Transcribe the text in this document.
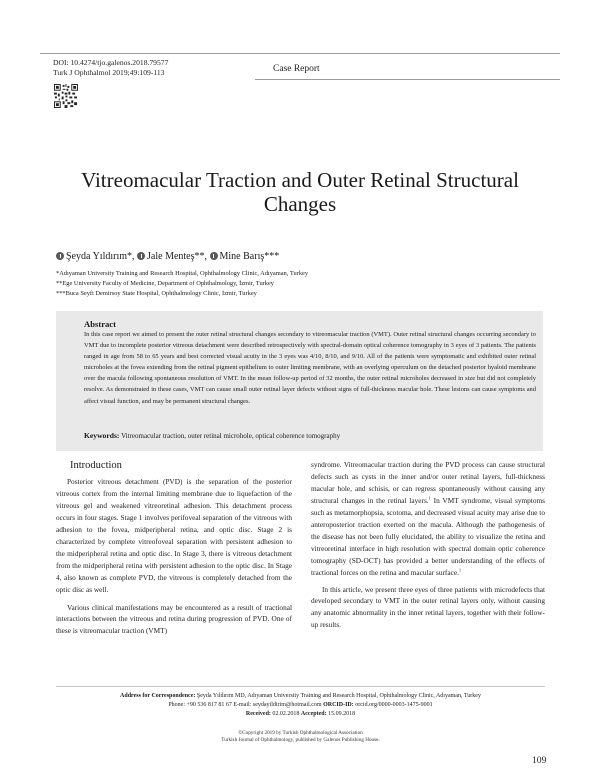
DOI: 10.4274/tjo.galenos.2018.79577
Turk J Ophthalmol 2019;49:109-113	Case Report
Vitreomacular Traction and Outer Retinal Structural
Changes
Şeyda Yıldırım*, Jale Menteş**, Mine Barış***
*Adıyaman University Training and Research Hospital, Ophthalmology Clinic, Adıyaman, Turkey
**Ege University Faculty of Medicine, Department of Ophthalmology, İzmir, Turkey
***Buca Seyfi Demirsoy State Hospital, Ophthalmology Clinic, İzmir, Turkey
Abstract
In this case report we aimed to present the outer retinal structural changes secondary to vitreomacular traction (VMT). Outer retinal structural changes occurring secondary to VMT due to incomplete posterior vitreous detachment were described retrospectively with spectral-domain optical coherence tomography in 3 eyes of 3 patients. The patients ranged in age from 58 to 65 years and best corrected visual acuity in the 3 eyes was 4/10, 8/10, and 9/10. All of the patients were symptomatic and exhibited outer retinal microholes at the fovea extending from the retinal pigment epithelium to outer limiting membrane, with an overlying operculum on the detached posterior hyaloid membrane over the macula following spontaneous resolution of VMT. In the mean follow-up period of 32 months, the outer retinal microholes decreased in size but did not completely resolve. As demonstrated in these cases, VMT can cause small outer retinal layer defects without signs of full-thickness macular hole. These lesions can cause symptoms and affect visual function, and may be permanent structural changes.
Keywords: Vitreomacular traction, outer retinal microhole, optical coherence tomography
Introduction

Posterior vitreous detachment (PVD) is the separation of the posterior vitreous cortex from the internal limiting membrane due to liquefaction of the vitreous gel and weakened vitreoretinal adhesion. This detachment process occurs in four stages. Stage 1 involves perifoveal separation of the vitreous with adhesion to the fovea, midperipheral retina, and optic disc. Stage 2 is characterized by complete vitreofoveal separation with persistent adhesion to the midperipheral retina and optic disc. In Stage 3, there is vitreous detachment from the midperipheral retina with persistent adhesion to the optic disc. In Stage 4, also known as complete PVD, the vitreous is completely detached from the optic disc as well.

Various clinical manifestations may be encountered as a result of tractional interactions between the vitreous and retina during progression of PVD. One of these is vitreomacular traction (VMT)

syndrome. Vitreomacular traction during the PVD process can cause structural defects such as cysts in the inner and/or outer retinal layers, full-thickness macular hole, and schisis, or can regress spontaneously without causing any structural changes in the retinal layers.$^1$ In VMT syndrome, visual symptoms such as metamorphopsia, scotoma, and decreased visual acuity may arise due to anteroposterior traction exerted on the macula. Although the pathogenesis of the disease has not been fully elucidated, the ability to visualize the retina and vitreoretinal interface in high resolution with spectral domain optic coherence tomography (SD-OCT) has provided a better understanding of the effects of tractional forces on the retina and macular surface.$^1$

In this article, we present three eyes of three patients with microdefects that developed secondary to VMT in the outer retinal layers only, without causing any anatomic abnormality in the inner retinal layers, together with their follow-up results.

Address for Correspondence: Şeyda Yıldırım MD, Adıyaman University Training and Research Hospital, Ophthalmology Clinic, Adıyaman, Turkey
Phone: +90 536 817 81 67 E-mail: seydayildirim@hotmail.com ORCID-ID: orcid.org/0000-0003-1475-9001
Received: 02.02.2018 Accepted: 15.09.2018
©Copyright 2019 by Turkish Ophthalmological Association
Turkish Journal of Ophthalmology, published by Galenos Publishing House.
109
